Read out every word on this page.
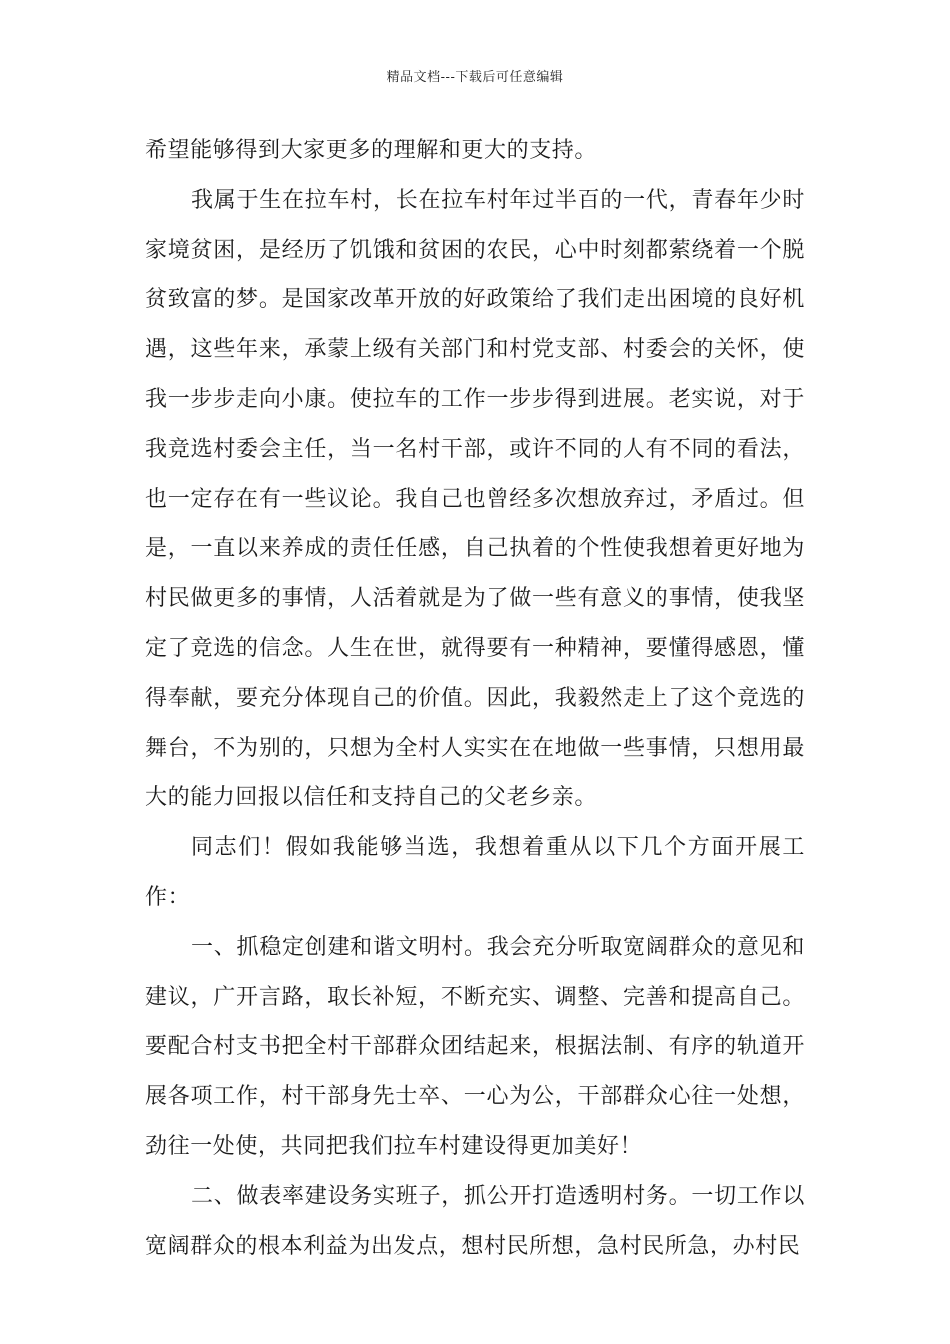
精品文档---下载后可任意编辑

希望能够得到大家更多的理解和更大的支持。

我属于生在拉车村，长在拉车村年过半百的一代，青春年少时家境贫困，是经历了饥饿和贫困的农民，心中时刻都萦绕着一个脱贫致富的梦。是国家改革开放的好政策给了我们走出困境的良好机遇，这些年来，承蒙上级有关部门和村党支部、村委会的关怀，使我一步步走向小康。使拉车的工作一步步得到进展。老实说，对于我竞选村委会主任，当一名村干部，或许不同的人有不同的看法，也一定存在有一些议论。我自己也曾经多次想放弃过，矛盾过。但是，一直以来养成的责任任感，自己执着的个性使我想着更好地为村民做更多的事情，人活着就是为了做一些有意义的事情，使我坚定了竞选的信念。人生在世，就得要有一种精神，要懂得感恩，懂得奉献，要充分体现自己的价值。因此，我毅然走上了这个竞选的舞台，不为别的，只想为全村人实实在在地做一些事情，只想用最大的能力回报以信任和支持自己的父老乡亲。

同志们！假如我能够当选，我想着重从以下几个方面开展工作：

一、抓稳定创建和谐文明村。我会充分听取宽阔群众的意见和建议，广开言路，取长补短，不断充实、调整、完善和提高自己。要配合村支书把全村干部群众团结起来，根据法制、有序的轨道开展各项工作，村干部身先士卒、一心为公，干部群众心往一处想，劲往一处使，共同把我们拉车村建设得更加美好！

二、做表率建设务实班子，抓公开打造透明村务。一切工作以宽阔群众的根本利益为出发点，想村民所想，急村民所急，办村民
